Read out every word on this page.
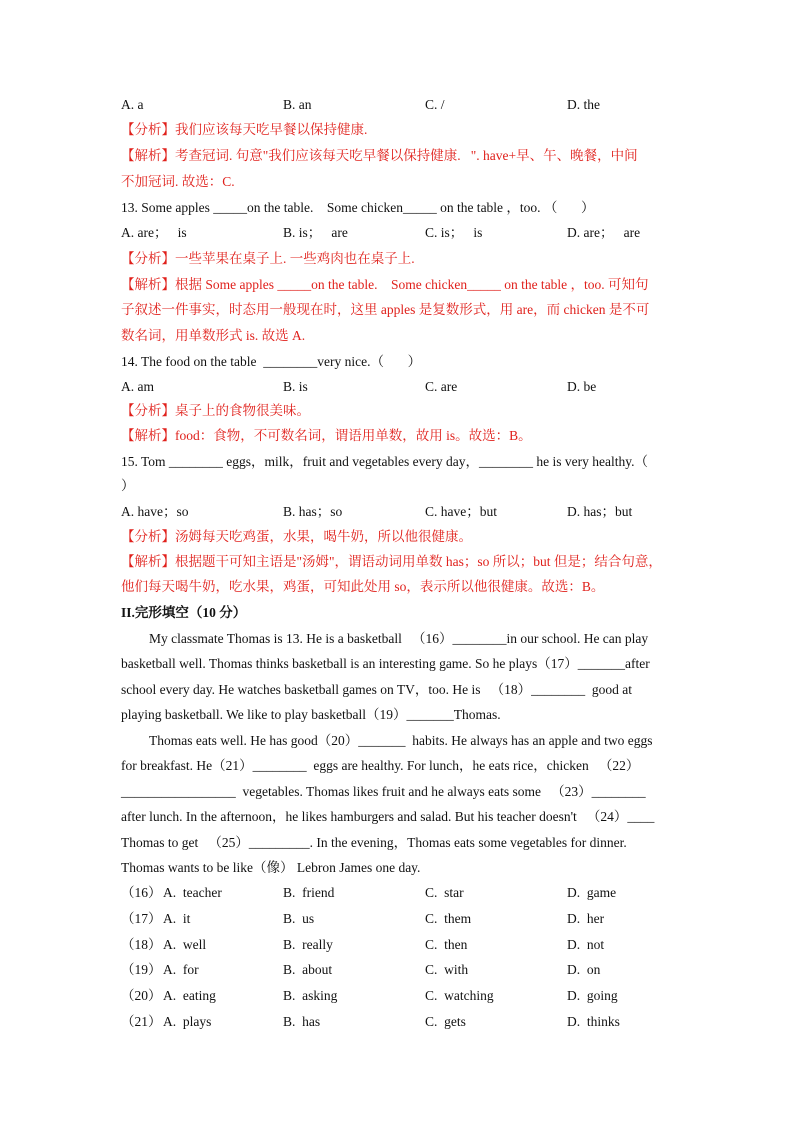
A. a	B. an	C. /	D. the
【分析】我们应该每天吃早餐以保持健康.
【解析】考查冠词. 句意"我们应该每天吃早餐以保持健康.   ". have+早、午、晚餐，中间
不加冠词. 故选：C.
13. Some apples _____on the table.    Some chicken_____ on the table ，too. （       ）
A. are；   is	B. is；   are	C. is；   is	D. are；   are
【分析】一些苹果在桌子上. 一些鸡肉也在桌子上.
【解析】根据 Some apples _____on the table.    Some chicken_____ on the table ，too. 可知句
子叙述一件事实，时态用一般现在时，这里 apples 是复数形式，用 are，而 chicken 是不可
数名词，用单数形式 is. 故选 A.
14. The food on the table  ________very nice.（       ）
A. am	B. is	C. are	D. be
【分析】桌子上的食物很美味。
【解析】food：食物，不可数名词，谓语用单数，故用 is。故选：B。
15. Tom ________ eggs，milk，fruit and vegetables every day，________ he is very healthy.（
）
A. have；so	B. has；so	C. have；but	D. has；but
【分析】汤姆每天吃鸡蛋，水果，喝牛奶，所以他很健康。
【解析】根据题干可知主语是"汤姆"，谓语动词用单数 has；so 所以；but 但是；结合句意，
他们每天喝牛奶，吃水果，鸡蛋，可知此处用 so，表示所以他很健康。故选：B。
II.完形填空（10 分）
My classmate Thomas is 13. He is a basketball   （16）________in our school. He can play
basketball well. Thomas thinks basketball is an interesting game. So he plays（17）_______after
school every day. He watches basketball games on TV，too. He is   （18）________  good at
playing basketball. We like to play basketball（19）_______Thomas.
Thomas eats well. He has good（20）_______  habits. He always has an apple and two eggs
for breakfast. He（21）________  eggs are healthy. For lunch，he eats rice，chicken   （22）
_________________  vegetables. Thomas likes fruit and he always eats some   （23）________
after lunch. In the afternoon，he likes hamburgers and salad. But his teacher doesn't   （24）____
Thomas to get   （25）_________. In the evening，Thomas eats some vegetables for dinner.
Thomas wants to be like（像） Lebron James one day.
（16） A.  teacher	B.  friend	C.  star	D.  game
（17） A.  it	B.  us	C.  them	D.  her
（18） A.  well	B.  really	C.  then	D.  not
（19） A.  for	B.  about	C.  with	D.  on
（20） A.  eating	B.  asking	C.  watching	D.  going
（21） A.  plays	B.  has	C.  gets	D.  thinks
